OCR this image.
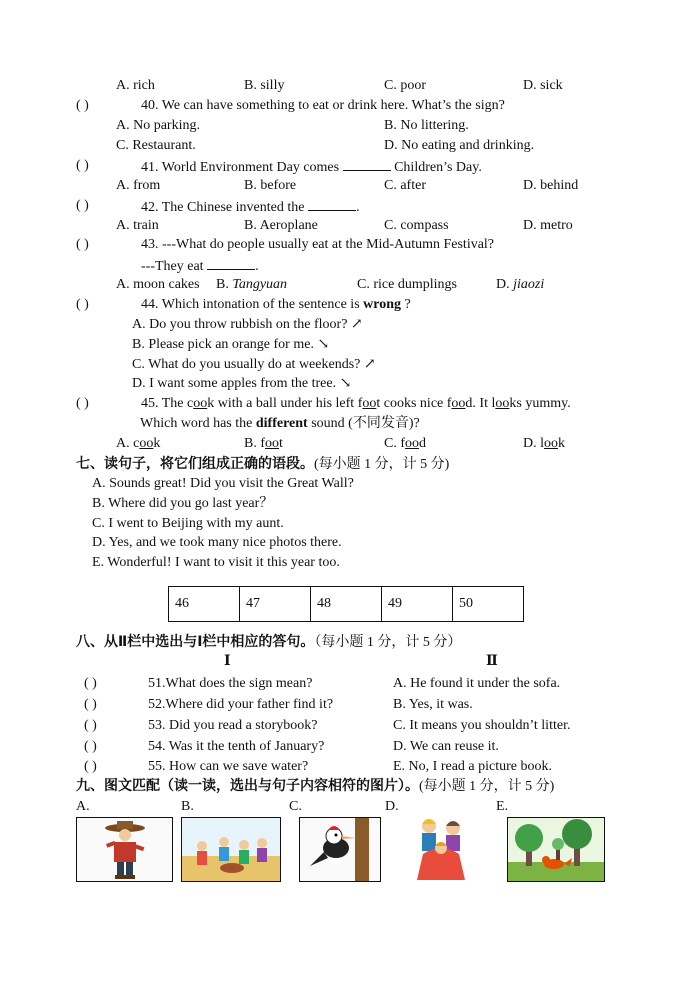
A. rich	B. silly	C. poor	D. sick
( )	40. We can have something to eat or drink here. What’s the sign?
A. No parking.	B. No littering.
C. Restaurant.	D. No eating and drinking.
( )	41. World Environment Day comes	Children’s Day.
A. from	B. before	C. after	D. behind
( )	42. The Chinese invented the	.
A. train	B. Aeroplane	C. compass	D. metro
( )	43. ---What do people usually eat at the Mid-Autumn Festival?
---They eat	.
A. moon cakes B. Tangyuan	C. rice dumplings	D. jiaozi
( )	44. Which intonation of the sentence is wrong ?
A. Do you throw rubbish on the floor? ↗
B. Please pick an orange for me. ↘
C. What do you usually do at weekends? ↗
D. I want some apples from the tree. ↘
( )	45. The cook with a ball under his left foot cooks nice food. It looks yummy.
Which word has the different sound (不同发音)?
A. cook	B. foot	C. food	D. look
七、读句子，将它们组成正确的语段。(每小题 1 分，计 5 分)
A. Sounds great! Did you visit the Great Wall?
B. Where did you go last year？
C. I went to Beijing with my aunt.
D. Yes, and we took many nice photos there.
E. Wonderful! I want to visit it this year too.
46	47	48	49	50
八、从Ⅱ栏中选出与Ⅰ栏中相应的答句。（每小题 1 分，计 5 分）
Ⅰ	Ⅱ
( )	51.What does the sign mean?	A. He found it under the sofa.
( )	52.Where did your father find it?	B. Yes, it was.
( )	53. Did you read a storybook?	C. It means you shouldn’t litter.
( )	54. Was it the tenth of January?	D. We can reuse it.
( )	55. How can we save water?	E. No, I read a picture book.
九、图文匹配（读一读，选出与句子内容相符的图片）。(每小题 1 分，计 5 分)
A.	B.	C.	D.	E.
